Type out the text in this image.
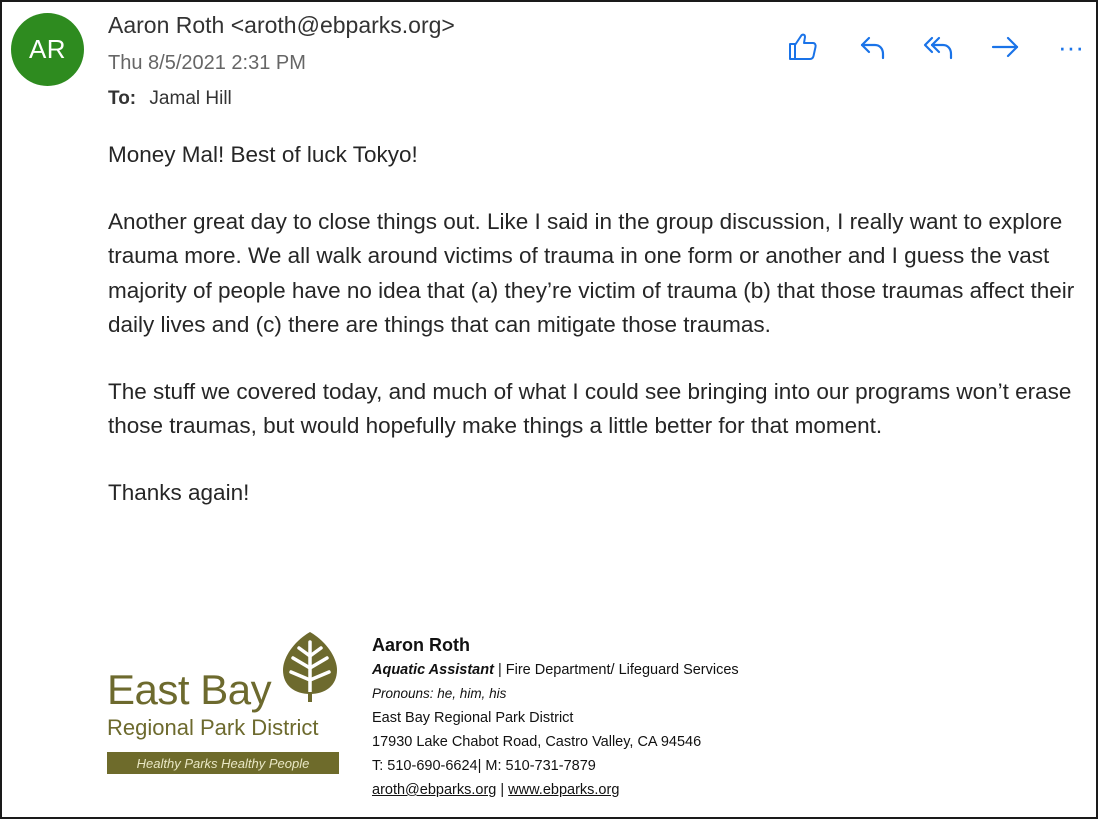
AR
Aaron Roth <aroth@ebparks.org>
Thu 8/5/2021 2:31 PM
To: Jamal Hill
···

Money Mal! Best of luck Tokyo!

Another great day to close things out. Like I said in the group discussion, I really want to explore trauma more. We all walk around victims of trauma in one form or another and I guess the vast majority of people have no idea that (a) they’re victim of trauma (b) that those traumas affect their daily lives and (c) there are things that can mitigate those traumas.

The stuff we covered today, and much of what I could see bringing into our programs won’t erase those traumas, but would hopefully make things a little better for that moment.

Thanks again!

East Bay
Regional Park District
Healthy Parks Healthy People
Aaron Roth
Aquatic Assistant | Fire Department/ Lifeguard Services
Pronouns: he, him, his
East Bay Regional Park District
17930 Lake Chabot Road, Castro Valley, CA 94546
T: 510-690-6624| M: 510-731-7879
aroth@ebparks.org | www.ebparks.org
